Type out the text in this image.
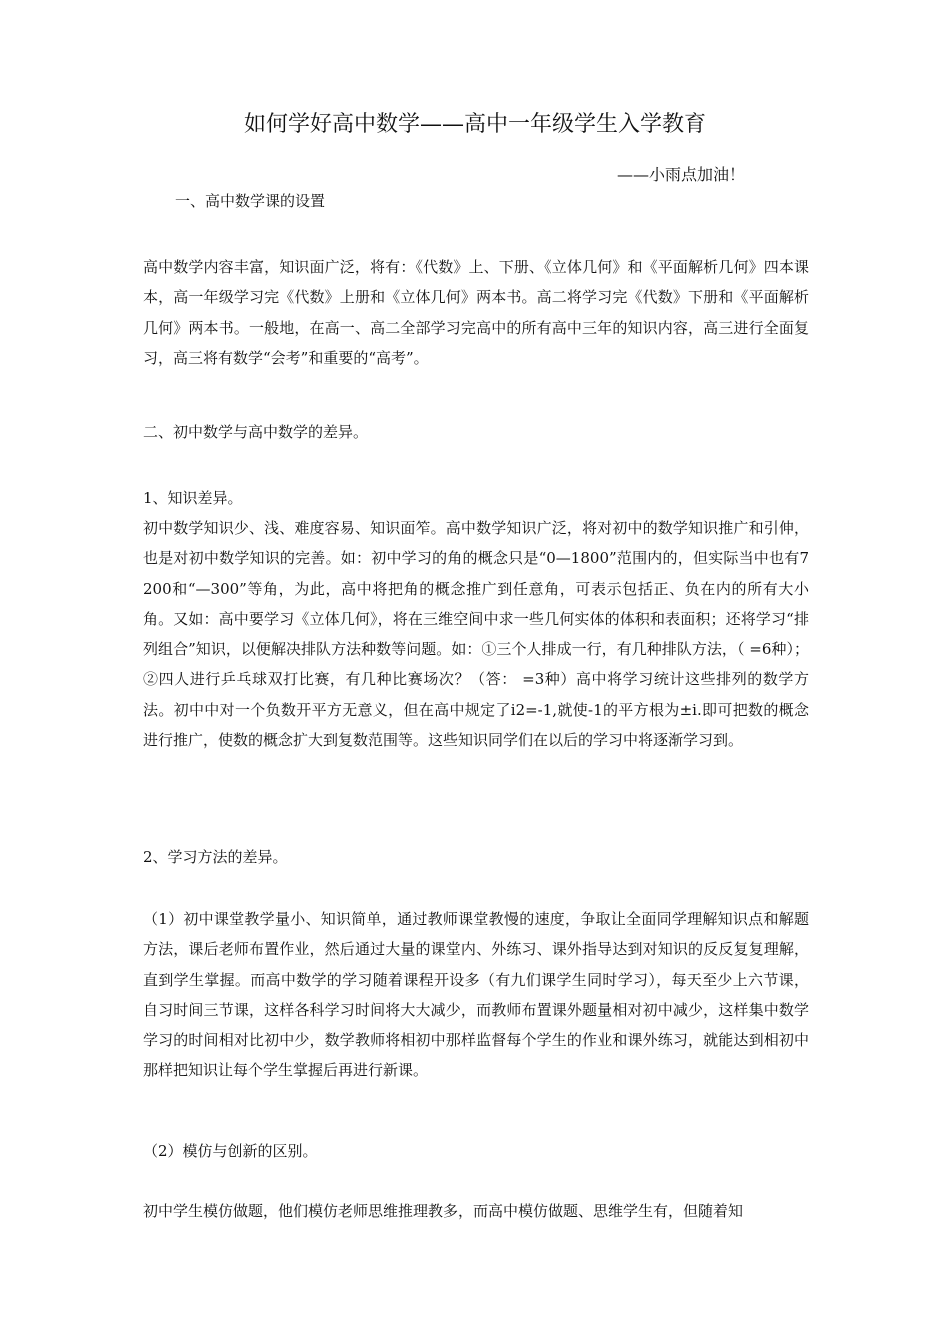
如何学好高中数学——高中一年级学生入学教育
——小雨点加油！
一、高中数学课的设置
高中数学内容丰富，知识面广泛，将有：《代数》上、下册、《立体几何》和《平面解析几何》四本课本，高一年级学习完《代数》上册和《立体几何》两本书。高二将学习完《代数》下册和《平面解析几何》两本书。一般地，在高一、高二全部学习完高中的所有高中三年的知识内容，高三进行全面复习，高三将有数学“会考”和重要的“高考”。
二、初中数学与高中数学的差异。
1、知识差异。
初中数学知识少、浅、难度容易、知识面笮。高中数学知识广泛，将对初中的数学知识推广和引伸，也是对初中数学知识的完善。如：初中学习的角的概念只是“0—1800”范围内的，但实际当中也有7200和“—300”等角，为此，高中将把角的概念推广到任意角，可表示包括正、负在内的所有大小角。又如：高中要学习《立体几何》，将在三维空间中求一些几何实体的体积和表面积；还将学习“排列组合”知识，以便解决排队方法种数等问题。如：①三个人排成一行，有几种排队方法，（ =6种）；②四人进行乒乓球双打比赛，有几种比赛场次？（答： =3种）高中将学习统计这些排列的数学方法。初中中对一个负数开平方无意义，但在高中规定了i2=-1,就使-1的平方根为±i.即可把数的概念进行推广，使数的概念扩大到复数范围等。这些知识同学们在以后的学习中将逐渐学习到。
2、学习方法的差异。
（1）初中课堂教学量小、知识简单，通过教师课堂教慢的速度，争取让全面同学理解知识点和解题方法，课后老师布置作业，然后通过大量的课堂内、外练习、课外指导达到对知识的反反复复理解，直到学生掌握。而高中数学的学习随着课程开设多（有九们课学生同时学习），每天至少上六节课，自习时间三节课，这样各科学习时间将大大减少，而教师布置课外题量相对初中减少，这样集中数学学习的时间相对比初中少，数学教师将相初中那样监督每个学生的作业和课外练习，就能达到相初中那样把知识让每个学生掌握后再进行新课。
（2）模仿与创新的区别。
初中学生模仿做题，他们模仿老师思维推理教多，而高中模仿做题、思维学生有，但随着知
